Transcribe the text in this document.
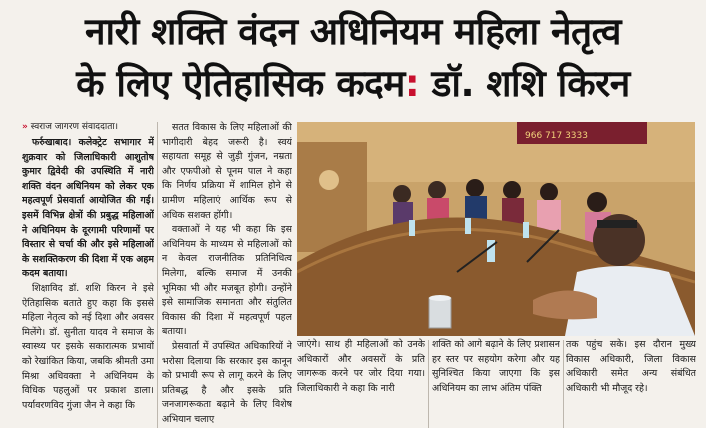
नारी शक्ति वंदन अधिनियम महिला नेतृत्व
के लिए ऐतिहासिक कदम: डॉ. शशि किरन
» स्वराज जागरण संवाददाता।

फर्रुखाबाद। कलेक्ट्रेट सभागार में शुक्रवार को जिलाधिकारी आशुतोष कुमार द्विवेदी की उपस्थिति में नारी शक्ति वंदन अधिनियम को लेकर एक महत्वपूर्ण प्रेसवार्ता आयोजित की गई। इसमें विभिन्न क्षेत्रों की प्रबुद्ध महिलाओं ने अधिनियम के दूरगामी परिणामों पर विस्तार से चर्चा की और इसे महिलाओं के सशक्तिकरण की दिशा में एक अहम कदम बताया।

शिक्षाविद डॉ. शशि किरन ने इसे ऐतिहासिक बताते हुए कहा कि इससे महिला नेतृत्व को नई दिशा और अवसर मिलेंगे। डॉ. सुनीता यादव ने समाज के स्वास्थ्य पर इसके सकारात्मक प्रभावों को रेखांकित किया, जबकि श्रीमती उमा मिश्रा अधिवक्ता ने अधिनियम के विधिक पहलुओं पर प्रकाश डाला। पर्यावरणविद गुंजा जैन ने कहा कि

सतत विकास के लिए महिलाओं की भागीदारी बेहद जरूरी है। स्वयं सहायता समूह से जुड़ी गुंजन, नम्रता और एफपीओ से पूनम पाल ने कहा कि निर्णय प्रक्रिया में शामिल होने से ग्रामीण महिलाएं आर्थिक रूप से अधिक सशक्त होंगी।

वक्ताओं ने यह भी कहा कि इस अधिनियम के माध्यम से महिलाओं को न केवल राजनीतिक प्रतिनिधित्व मिलेगा, बल्कि समाज में उनकी भूमिका भी और मजबूत होगी। उन्होंने इसे सामाजिक समानता और संतुलित विकास की दिशा में महत्वपूर्ण पहल बताया।

प्रेसवार्ता में उपस्थित अधिकारियों ने भरोसा दिलाया कि सरकार इस कानून को प्रभावी रूप से लागू करने के लिए प्रतिबद्ध है और इसके प्रति जनजागरूकता बढ़ाने के लिए विशेष अभियान चलाए

966 717 3333
जाएंगे। साथ ही महिलाओं को उनके अधिकारों और अवसरों के प्रति जागरूक करने पर जोर दिया गया। जिलाधिकारी ने कहा कि नारी
शक्ति को आगे बढ़ाने के लिए प्रशासन हर स्तर पर सहयोग करेगा और यह सुनिश्चित किया जाएगा कि इस अधिनियम का लाभ अंतिम पंक्ति
तक पहुंच सके। इस दौरान मुख्य विकास अधिकारी, जिला विकास अधिकारी समेत अन्य संबंधित अधिकारी भी मौजूद रहे।
